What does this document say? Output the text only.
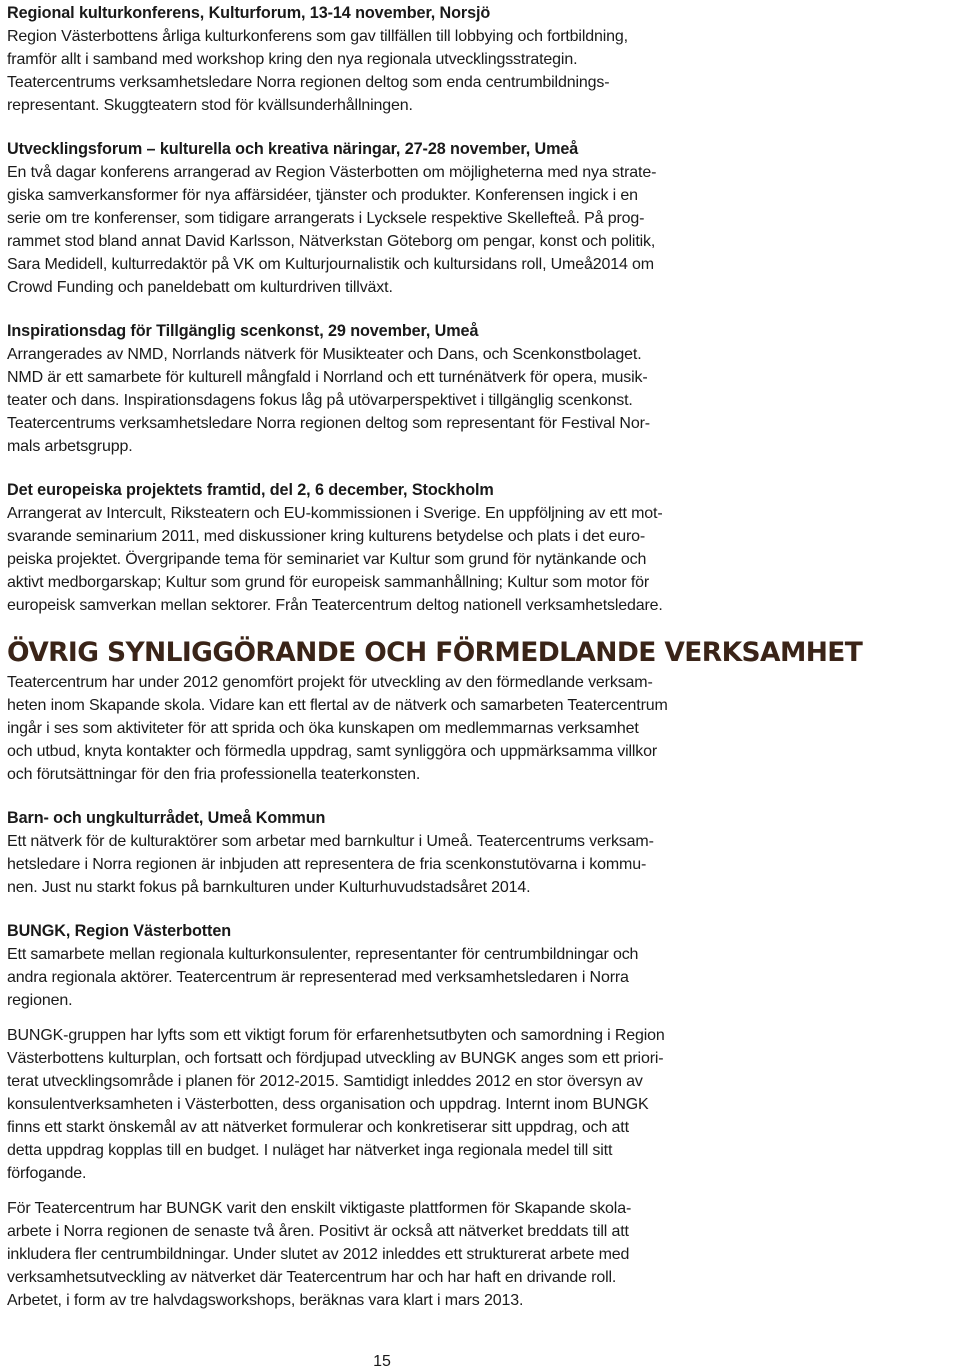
Regional kulturkonferens, Kulturforum, 13-14 november, Norsjö

Region Västerbottens årliga kulturkonferens som gav tillfällen till lobbying och fortbildning,

framför allt i samband med workshop kring den nya regionala utvecklingsstrategin.

Teatercentrums verksamhetsledare Norra regionen deltog som enda centrumbildnings-

representant. Skuggteatern stod för kvällsunderhållningen.

Utvecklingsforum – kulturella och kreativa näringar, 27-28 november, Umeå

En två dagar konferens arrangerad av Region Västerbotten om möjligheterna med nya strate-

giska samverkansformer för nya affärsidéer, tjänster och produkter. Konferensen ingick i en

serie om tre konferenser, som tidigare arrangerats i Lycksele respektive Skellefteå. På prog-

rammet stod bland annat David Karlsson, Nätverkstan Göteborg om pengar, konst och politik,

Sara Medidell, kulturredaktör på VK om Kulturjournalistik och kultursidans roll, Umeå2014 om

Crowd Funding och paneldebatt om kulturdriven tillväxt.

Inspirationsdag för Tillgänglig scenkonst, 29 november, Umeå

Arrangerades av NMD, Norrlands nätverk för Musikteater och Dans, och Scenkonstbolaget.

NMD är ett samarbete för kulturell mångfald i Norrland och ett turnénätverk för opera, musik-

teater och dans. Inspirationsdagens fokus låg på utövarperspektivet i tillgänglig scenkonst.

Teatercentrums verksamhetsledare Norra regionen deltog som representant för Festival Nor-

mals arbetsgrupp.

Det europeiska projektets framtid, del 2, 6 december, Stockholm

Arrangerat av Intercult, Riksteatern och EU-kommissionen i Sverige. En uppföljning av ett mot-

svarande seminarium 2011, med diskussioner kring kulturens betydelse och plats i det euro-

peiska projektet. Övergripande tema för seminariet var Kultur som grund för nytänkande och

aktivt medborgarskap; Kultur som grund för europeisk sammanhållning; Kultur som motor för

europeisk samverkan mellan sektorer. Från Teatercentrum deltog nationell verksamhetsledare.

ÖVRIG SYNLIGGÖRANDE OCH FÖRMEDLANDE VERKSAMHET

Teatercentrum har under 2012 genomfört projekt för utveckling av den förmedlande verksam-

heten inom Skapande skola. Vidare kan ett flertal av de nätverk och samarbeten Teatercentrum

ingår i ses som aktiviteter för att sprida och öka kunskapen om medlemmarnas verksamhet

och utbud, knyta kontakter och förmedla uppdrag, samt synliggöra och uppmärksamma villkor

och förutsättningar för den fria professionella teaterkonsten.

Barn- och ungkulturrådet, Umeå Kommun

Ett nätverk för de kulturaktörer som arbetar med barnkultur i Umeå. Teatercentrums verksam-

hetsledare i Norra regionen är inbjuden att representera de fria scenkonstutövarna i kommu-

nen. Just nu starkt fokus på barnkulturen under Kulturhuvudstadsåret 2014.

BUNGK, Region Västerbotten

Ett samarbete mellan regionala kulturkonsulenter, representanter för centrumbildningar och

andra regionala aktörer. Teatercentrum är representerad med verksamhetsledaren i Norra

regionen.

BUNGK-gruppen har lyfts som ett viktigt forum för erfarenhetsutbyten och samordning i Region

Västerbottens kulturplan, och fortsatt och fördjupad utveckling av BUNGK anges som ett priori-

terat utvecklingsområde i planen för 2012-2015. Samtidigt inleddes 2012 en stor översyn av

konsulentverksamheten i Västerbotten, dess organisation och uppdrag. Internt inom BUNGK

finns ett starkt önskemål av att nätverket formulerar och konkretiserar sitt uppdrag, och att

detta uppdrag kopplas till en budget. I nuläget har nätverket inga regionala medel till sitt

förfogande.

För Teatercentrum har BUNGK varit den enskilt viktigaste plattformen för Skapande skola-

arbete i Norra regionen de senaste två åren. Positivt är också att nätverket breddats till att

inkludera fler centrumbildningar. Under slutet av 2012 inleddes ett strukturerat arbete med

verksamhetsutveckling av nätverket där Teatercentrum har och har haft en drivande roll.

Arbetet, i form av tre halvdagsworkshops, beräknas vara klart i mars 2013.

15
